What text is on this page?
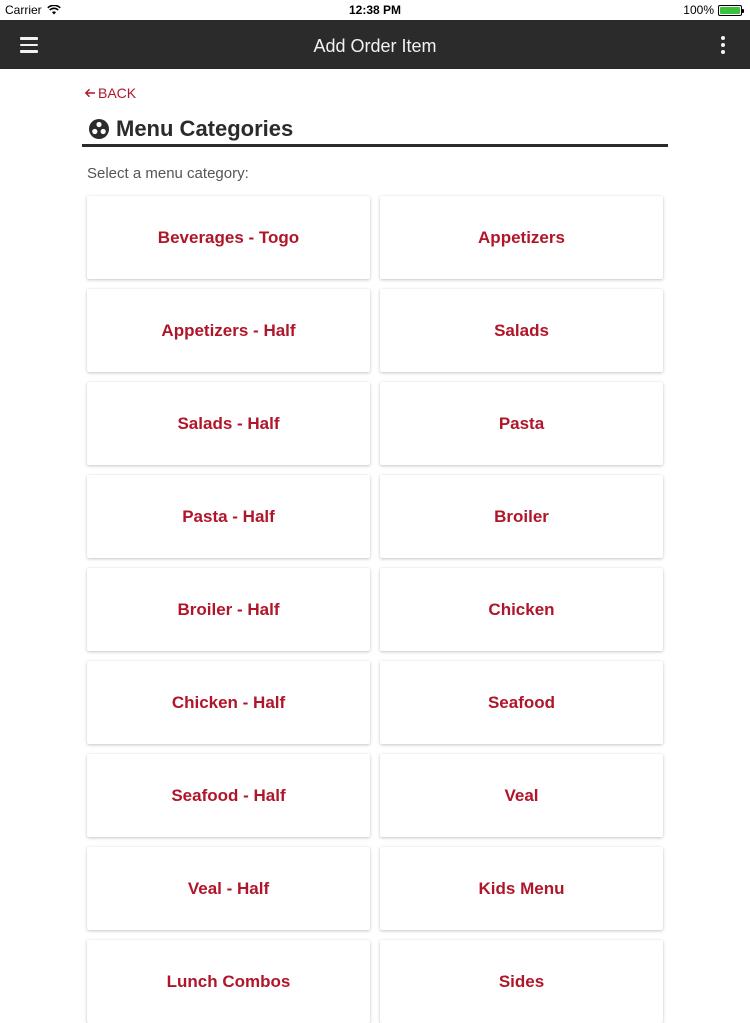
Carrier	12:38 PM	100%
Add Order Item
BACK
Menu Categories
Select a menu category:
Beverages - Togo	Appetizers
Appetizers - Half	Salads
Salads - Half	Pasta
Pasta - Half	Broiler
Broiler - Half	Chicken
Chicken - Half	Seafood
Seafood - Half	Veal
Veal - Half	Kids Menu
Lunch Combos	Sides
